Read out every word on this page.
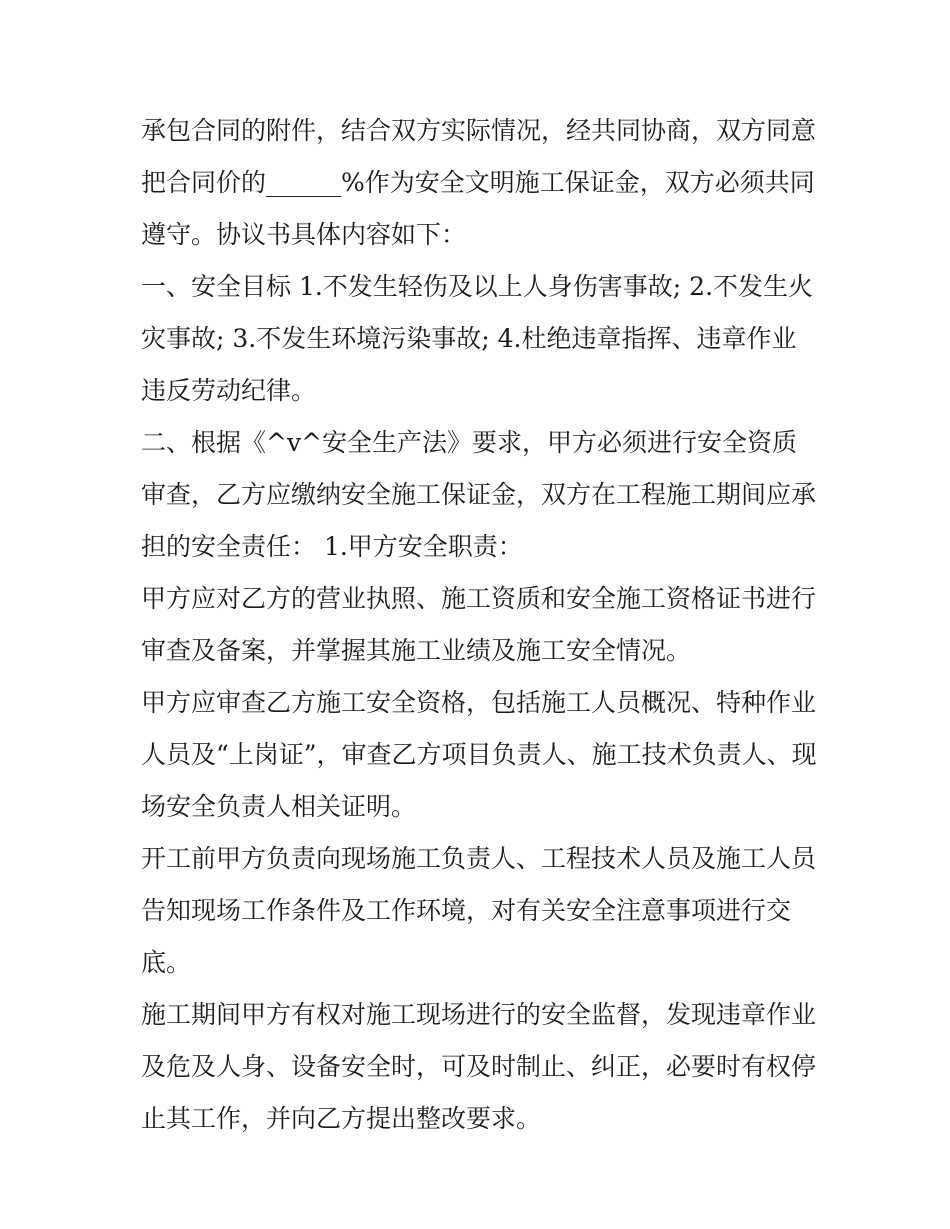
承包合同的附件，结合双方实际情况，经共同协商，双方同意把合同价的______%作为安全文明施工保证金，双方必须共同遵守。协议书具体内容如下：

一、安全目标 1.不发生轻伤及以上人身伤害事故; 2.不发生火灾事故; 3.不发生环境污染事故; 4.杜绝违章指挥、违章作业违反劳动纪律。

二、根据《^v^安全生产法》要求，甲方必须进行安全资质审查，乙方应缴纳安全施工保证金，双方在工程施工期间应承担的安全责任： 1.甲方安全职责：

甲方应对乙方的营业执照、施工资质和安全施工资格证书进行审查及备案，并掌握其施工业绩及施工安全情况。

甲方应审查乙方施工安全资格，包括施工人员概况、特种作业人员及“上岗证”，审查乙方项目负责人、施工技术负责人、现场安全负责人相关证明。

开工前甲方负责向现场施工负责人、工程技术人员及施工人员告知现场工作条件及工作环境，对有关安全注意事项进行交底。

施工期间甲方有权对施工现场进行的安全监督，发现违章作业及危及人身、设备安全时，可及时制止、纠正，必要时有权停止其工作，并向乙方提出整改要求。
